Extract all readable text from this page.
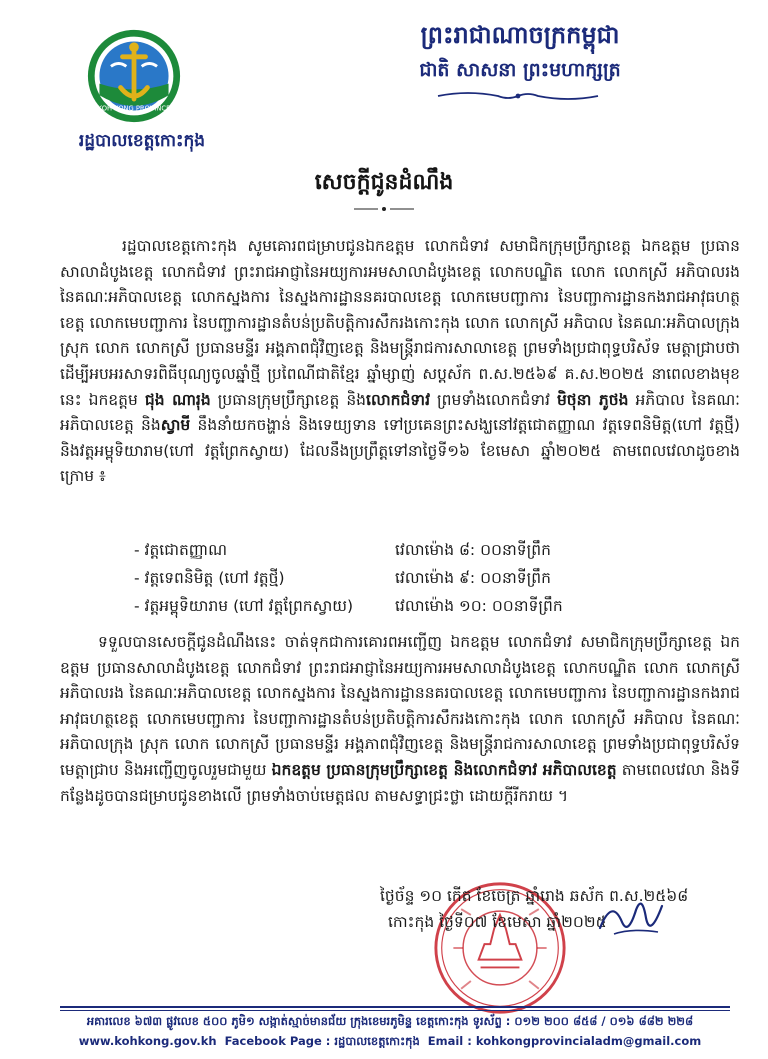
KOH KONG PROVINCE
រដ្ឋបាលខេត្តកោះកុង
ព្រះរាជាណាចក្រកម្ពុជា
ជាតិ សាសនា ព្រះមហាក្សត្រ
សេចក្តីជូនដំណឹង
រដ្ឋបាលខេត្តកោះកុង សូមគោរពជម្រាបជូនឯកឧត្តម លោកជំទាវ សមាជិកក្រុមប្រឹក្សាខេត្ត ឯកឧត្តម ប្រធានសាលាដំបូងខេត្ត លោកជំទាវ ព្រះរាជអាជ្ញានៃអយ្យការអមសាលាដំបូងខេត្ត លោកបណ្ឌិត លោក លោកស្រី អភិបាលរង នៃគណៈអភិបាលខេត្ត លោកស្នងការ នៃស្នងការដ្ឋាននគរបាលខេត្ត លោកមេបញ្ជាការ នៃបញ្ជាការដ្ឋានកងរាជអាវុធហត្ថខេត្ត លោកមេបញ្ជាការ នៃបញ្ជាការដ្ឋានតំបន់ប្រតិបត្តិការសឹករងកោះកុង លោក លោកស្រី អភិបាល នៃគណៈអភិបាលក្រុង ស្រុក លោក លោកស្រី ប្រធានមន្ទីរ អង្គភាពជុំវិញខេត្ត និងមន្ត្រីរាជការសាលាខេត្ត ព្រមទាំងប្រជាពុទ្ធបរិស័ទ មេត្តាជ្រាបថា ដើម្បីអបអរសាទរពិធីបុណ្យចូលឆ្នាំថ្មី ប្រពៃណីជាតិខ្មែរ ឆ្នាំម្សាញ់ សប្តស័ក ព.ស.២៥៦៩ គ.ស.២០២៥ នាពេលខាងមុខនេះ ឯកឧត្តម ជុង ណារុង ប្រធានក្រុមប្រឹក្សាខេត្ត និងលោកជំទាវ ព្រមទាំងលោកជំទាវ មិថុនា ភូថង អភិបាល នៃគណៈអភិបាលខេត្ត និងស្វាមី នឹងនាំយកចង្ហាន់ និងទេយ្យទាន ទៅប្រគេនព្រះសង្ឃនៅវត្តជោតញ្ញាណ វត្តទេពនិមិត្ត(ហៅ វត្តថ្មី) និងវត្តអម្ពុទិយារាម(ហៅ វត្តព្រែកស្វាយ) ដែលនឹងប្រព្រឹត្តទៅនាថ្ងៃទី១៦ ខែមេសា ឆ្នាំ២០២៥ តាមពេលវេលាដូចខាងក្រោម ៖
- វត្តជោតញ្ញាណ	វេលាម៉ោង ៨: ០០នាទីព្រឹក
- វត្តទេពនិមិត្ត (ហៅ វត្តថ្មី)	វេលាម៉ោង ៩: ០០នាទីព្រឹក
- វត្តអម្ពុទិយារាម (ហៅ វត្តព្រែកស្វាយ)	វេលាម៉ោង ១០: ០០នាទីព្រឹក
ទទួលបានសេចក្តីជូនដំណឹងនេះ ចាត់ទុកជាការគោរពអញ្ជើញ ឯកឧត្តម លោកជំទាវ សមាជិកក្រុមប្រឹក្សាខេត្ត ឯកឧត្តម ប្រធានសាលាដំបូងខេត្ត លោកជំទាវ ព្រះរាជអាជ្ញានៃអយ្យការអមសាលាដំបូងខេត្ត លោកបណ្ឌិត លោក លោកស្រី អភិបាលរង នៃគណៈអភិបាលខេត្ត លោកស្នងការ នៃស្នងការដ្ឋាននគរបាលខេត្ត លោកមេបញ្ជាការ នៃបញ្ជាការដ្ឋានកងរាជអាវុធហត្ថខេត្ត លោកមេបញ្ជាការ នៃបញ្ជាការដ្ឋានតំបន់ប្រតិបត្តិការសឹករងកោះកុង លោក លោកស្រី អភិបាល នៃគណៈអភិបាលក្រុង ស្រុក លោក លោកស្រី ប្រធានមន្ទីរ អង្គភាពជុំវិញខេត្ត និងមន្ត្រីរាជការសាលាខេត្ត ព្រមទាំងប្រជាពុទ្ធបរិស័ទ មេត្តាជ្រាប និងអញ្ជើញចូលរួមជាមួយ ឯកឧត្តម ប្រធានក្រុមប្រឹក្សាខេត្ត និងលោកជំទាវ អភិបាលខេត្ត តាមពេលវេលា និងទីកន្លែងដូចបានជម្រាបជូនខាងលើ ព្រមទាំងចាប់មេត្តផល តាមសទ្ធាជ្រះថ្លា ដោយក្តីរីករាយ ។
ថ្ងៃច័ន្ទ ១០ កើត ខែចេត្រ ឆ្នាំរោង ឆស័ក ព.ស.២៥៦៨
កោះកុង ថ្ងៃទី០៧ ខែមេសា ឆ្នាំ២០២៥
អគារលេខ ៦៧៣ ផ្លូវលេខ ៥០០ ភូមិ១ សង្កាត់ស្មាច់មានជ័យ ក្រុងខេមរភូមិន្ទ ខេត្តកោះកុង ទូរស័ព្ទ : ០១២ ២០០ ៨៥៨ / ០១៦ ៨៨២ ២២៨
www.kohkong.gov.kh Facebook Page : រដ្ឋបាលខេត្តកោះកុង Email : kohkongprovincialadm@gmail.com
